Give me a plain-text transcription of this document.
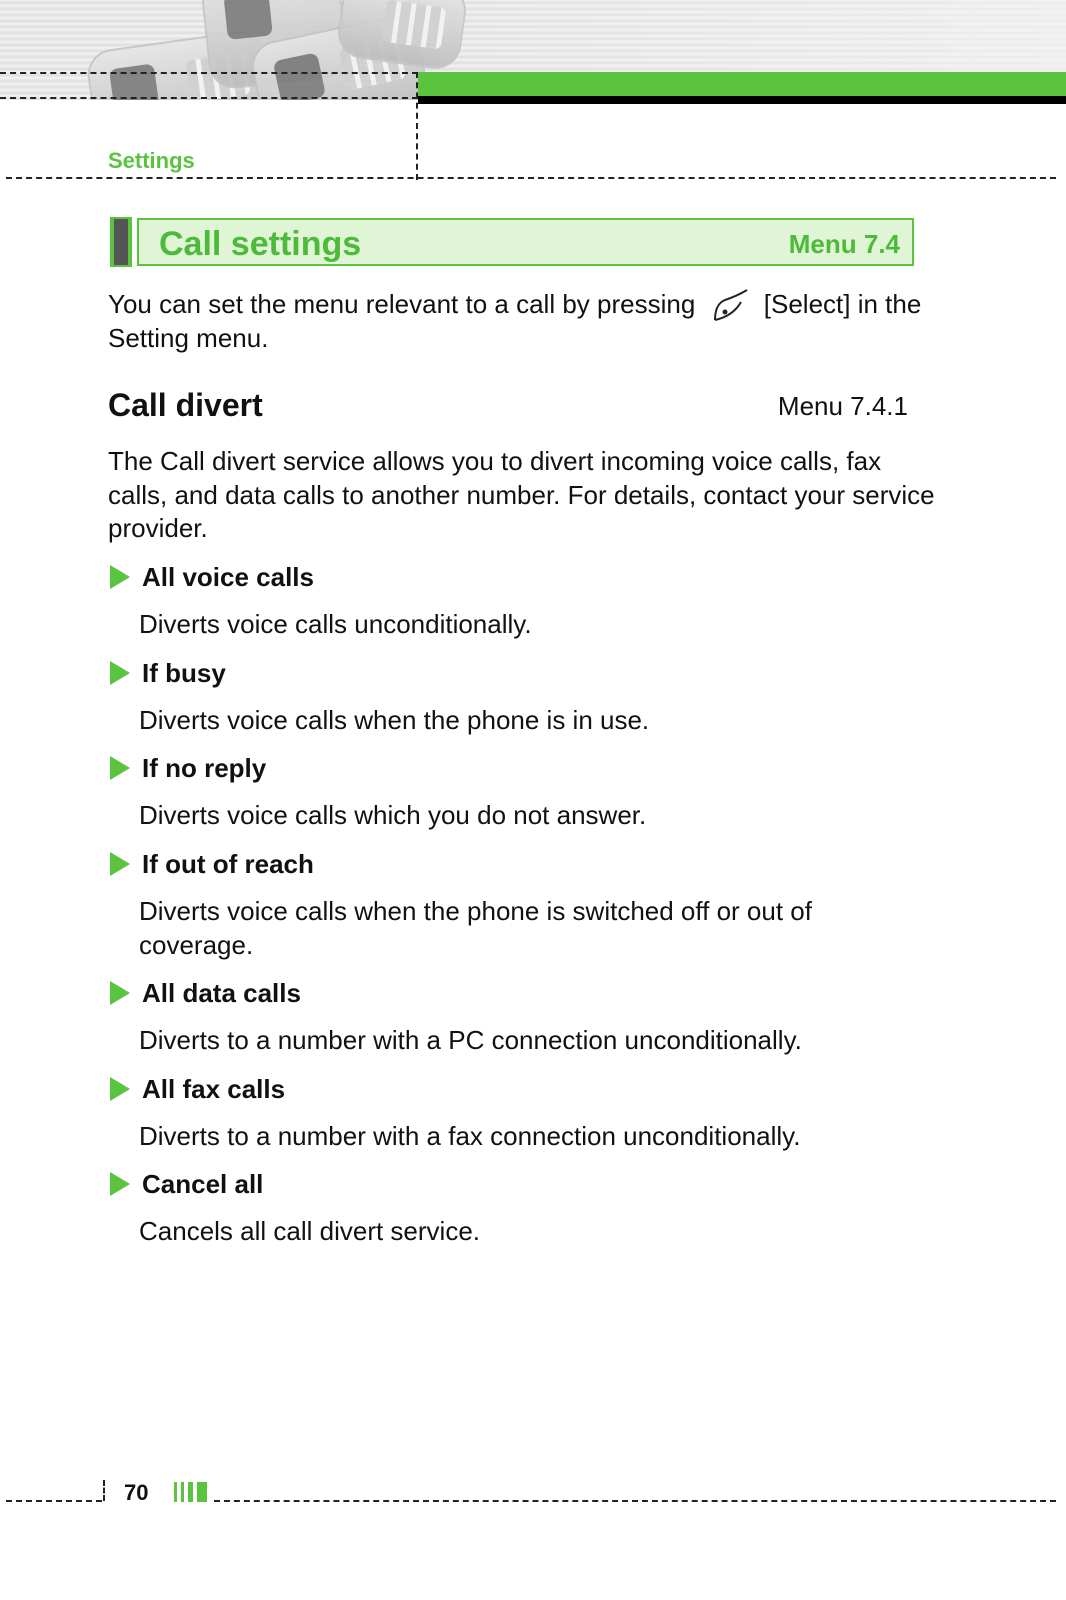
Settings
Call settings	Menu 7.4
You can set the menu relevant to a call by pressing	[Select] in the Setting menu.
Call divert	Menu 7.4.1
The Call divert service allows you to divert incoming voice calls, fax calls, and data calls to another number. For details, contact your service provider.
All voice calls
Diverts voice calls unconditionally.
If busy
Diverts voice calls when the phone is in use.
If no reply
Diverts voice calls which you do not answer.
If out of reach
Diverts voice calls when the phone is switched off or out of coverage.
All data calls
Diverts to a number with a PC connection unconditionally.
All fax calls
Diverts to a number with a fax connection unconditionally.
Cancel all
Cancels all call divert service.
70
